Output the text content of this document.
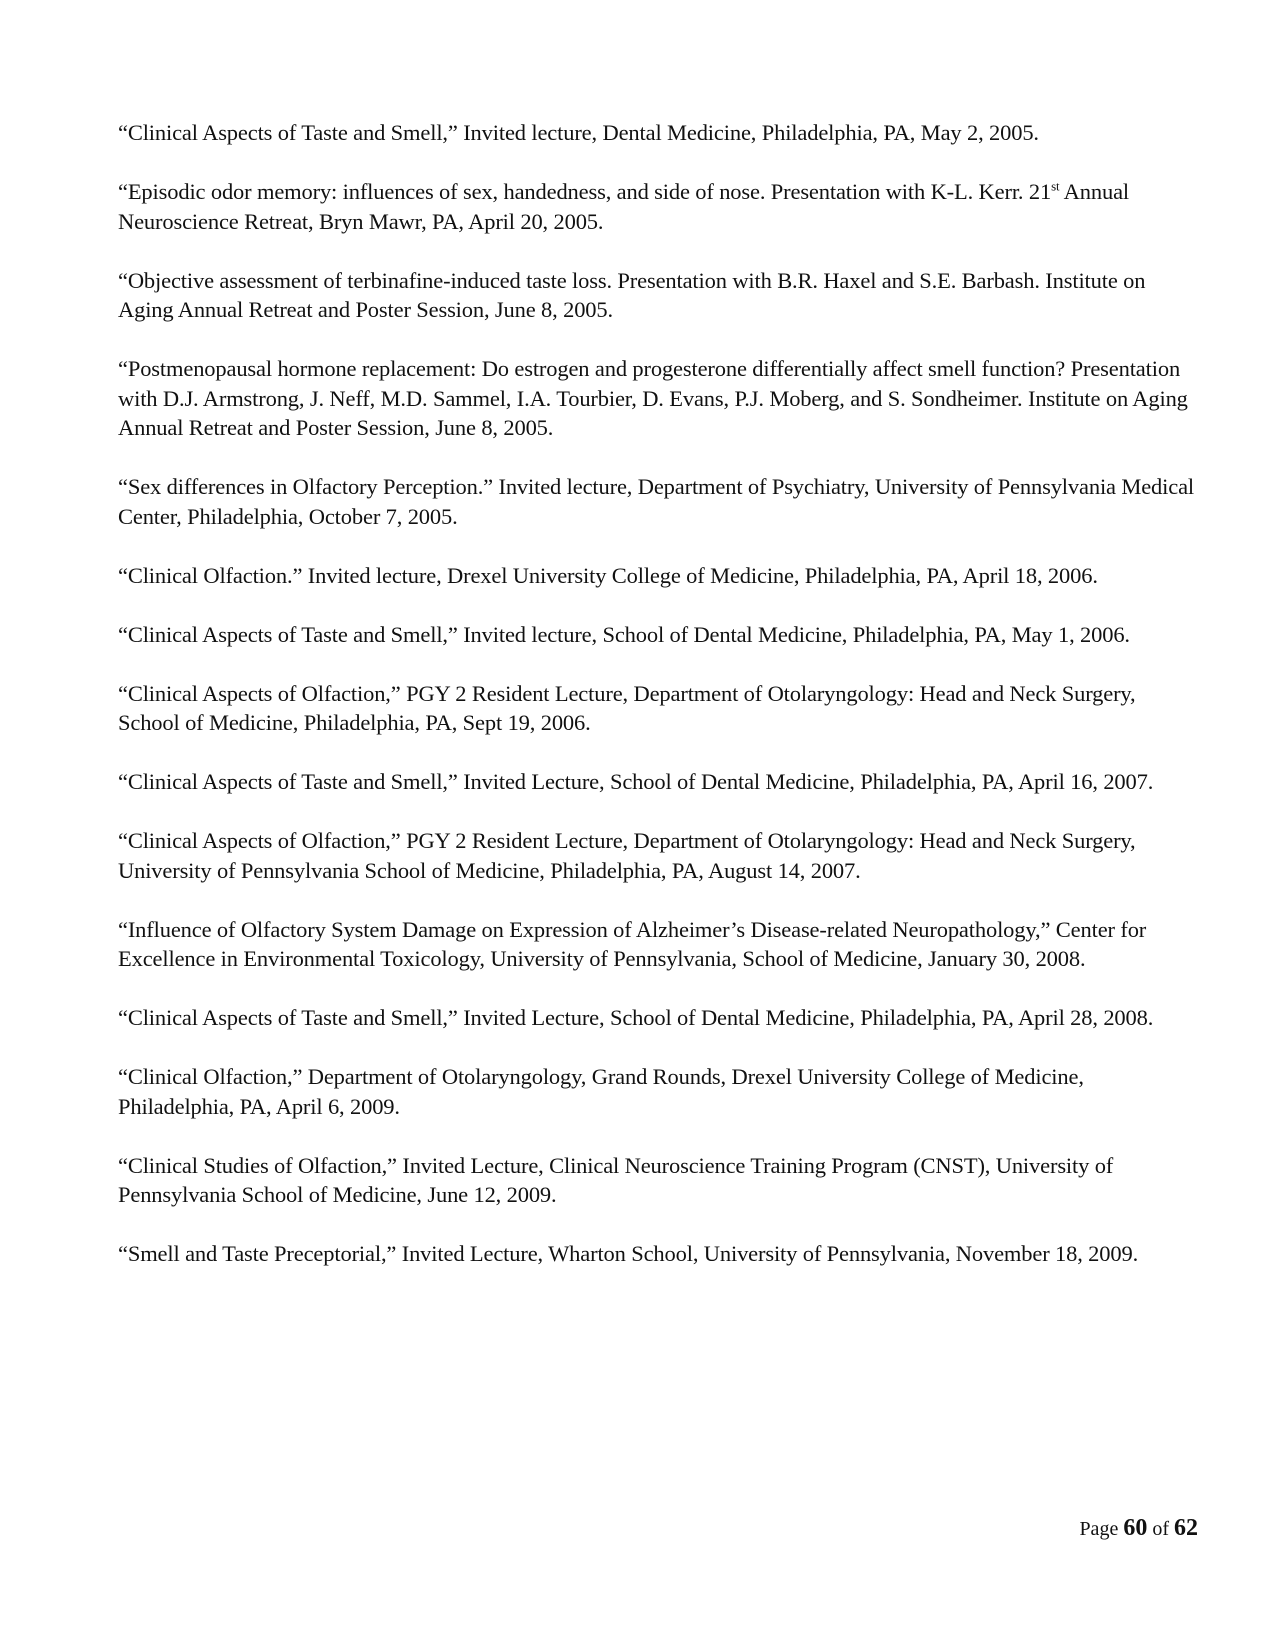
“Clinical Aspects of Taste and Smell,” Invited lecture, Dental Medicine, Philadelphia, PA, May 2, 2005.

“Episodic odor memory: influences of sex, handedness, and side of nose. Presentation with K-L. Kerr. 21st Annual Neuroscience Retreat, Bryn Mawr, PA, April 20, 2005.

“Objective assessment of terbinafine-induced taste loss. Presentation with B.R. Haxel and S.E. Barbash. Institute on Aging Annual Retreat and Poster Session, June 8, 2005.

“Postmenopausal hormone replacement: Do estrogen and progesterone differentially affect smell function? Presentation with D.J. Armstrong, J. Neff, M.D. Sammel, I.A. Tourbier, D. Evans, P.J. Moberg, and S. Sondheimer. Institute on Aging Annual Retreat and Poster Session, June 8, 2005.

“Sex differences in Olfactory Perception.” Invited lecture, Department of Psychiatry, University of Pennsylvania Medical Center, Philadelphia, October 7, 2005.

“Clinical Olfaction.” Invited lecture, Drexel University College of Medicine, Philadelphia, PA, April 18, 2006.

“Clinical Aspects of Taste and Smell,” Invited lecture, School of Dental Medicine, Philadelphia, PA, May 1, 2006.

“Clinical Aspects of Olfaction,” PGY 2 Resident Lecture, Department of Otolaryngology: Head and Neck Surgery, School of Medicine, Philadelphia, PA, Sept 19, 2006.

“Clinical Aspects of Taste and Smell,” Invited Lecture, School of Dental Medicine, Philadelphia, PA, April 16, 2007.

“Clinical Aspects of Olfaction,” PGY 2 Resident Lecture, Department of Otolaryngology: Head and Neck Surgery, University of Pennsylvania School of Medicine, Philadelphia, PA, August 14, 2007.

“Influence of Olfactory System Damage on Expression of Alzheimer’s Disease-related Neuropathology,” Center for Excellence in Environmental Toxicology, University of Pennsylvania, School of Medicine, January 30, 2008.

“Clinical Aspects of Taste and Smell,” Invited Lecture, School of Dental Medicine, Philadelphia, PA, April 28, 2008.

“Clinical Olfaction,” Department of Otolaryngology, Grand Rounds, Drexel University College of Medicine, Philadelphia, PA, April 6, 2009.

“Clinical Studies of Olfaction,” Invited Lecture, Clinical Neuroscience Training Program (CNST), University of Pennsylvania School of Medicine, June 12, 2009.

“Smell and Taste Preceptorial,” Invited Lecture, Wharton School, University of Pennsylvania, November 18, 2009.

Page 60 of 62
